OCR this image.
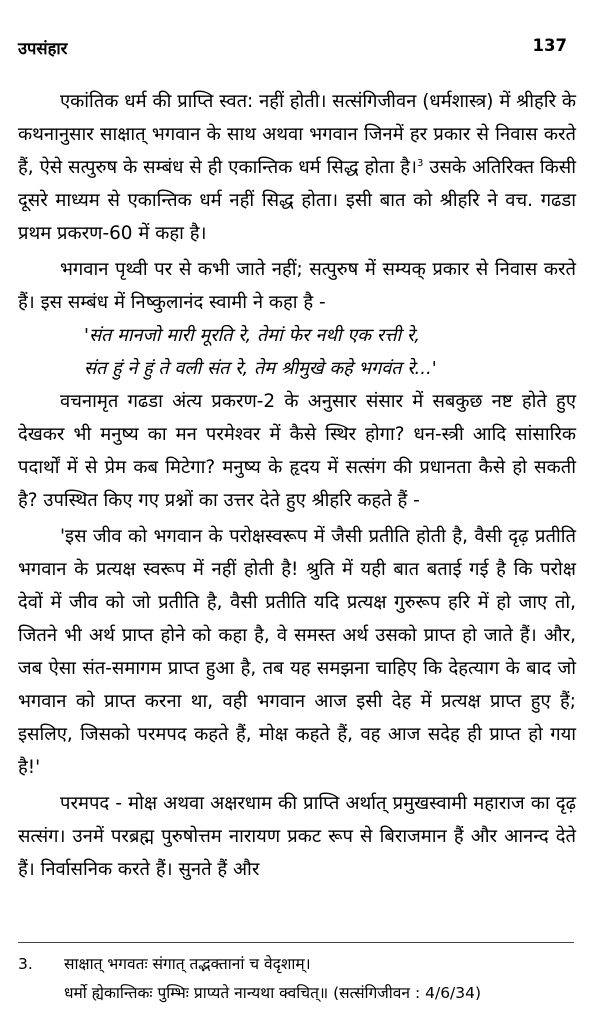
उपसंहार	137

एकांतिक धर्म की प्राप्ति स्वत: नहीं होती। सत्संगिजीवन (धर्मशास्त्र) में श्रीहरि के कथनानुसार साक्षात् भगवान के साथ अथवा भगवान जिनमें हर प्रकार से निवास करते हैं, ऐसे सत्पुरुष के सम्बंध से ही एकान्तिक धर्म सिद्ध होता है।$^3$ उसके अतिरिक्त किसी दूसरे माध्यम से एकान्तिक धर्म नहीं सिद्ध होता। इसी बात को श्रीहरि ने वच. गढडा प्रथम प्रकरण-60 में कहा है।

भगवान पृथ्वी पर से कभी जाते नहीं; सत्पुरुष में सम्यक् प्रकार से निवास करते हैं। इस सम्बंध में निष्कुलानंद स्वामी ने कहा है -

'संत मानजो मारी मूरति रे, तेमां फेर नथी एक रत्ती रे,

संत हुं ने हुं ते वली संत रे, तेम श्रीमुखे कहे भगवंत रे...'

वचनामृत गढडा अंत्य प्रकरण-2 के अनुसार संसार में सबकुछ नष्ट होते हुए देखकर भी मनुष्य का मन परमेश्वर में कैसे स्थिर होगा? धन-स्त्री आदि सांसारिक पदार्थों में से प्रेम कब मिटेगा? मनुष्य के हृदय में सत्संग की प्रधानता कैसे हो सकती है? उपस्थित किए गए प्रश्नों का उत्तर देते हुए श्रीहरि कहते हैं -

'इस जीव को भगवान के परोक्षस्वरूप में जैसी प्रतीति होती है, वैसी दृढ़ प्रतीति भगवान के प्रत्यक्ष स्वरूप में नहीं होती है! श्रुति में यही बात बताई गई है कि परोक्ष देवों में जीव को जो प्रतीति है, वैसी प्रतीति यदि प्रत्यक्ष गुरुरूप हरि में हो जाए तो, जितने भी अर्थ प्राप्त होने को कहा है, वे समस्त अर्थ उसको प्राप्त हो जाते हैं। और, जब ऐसा संत-समागम प्राप्त हुआ है, तब यह समझना चाहिए कि देहत्याग के बाद जो भगवान को प्राप्त करना था, वही भगवान आज इसी देह में प्रत्यक्ष प्राप्त हुए हैं; इसलिए, जिसको परमपद कहते हैं, मोक्ष कहते हैं, वह आज सदेह ही प्राप्त हो गया है!'

परमपद - मोक्ष अथवा अक्षरधाम की प्राप्ति अर्थात् प्रमुखस्वामी महाराज का दृढ़ सत्संग। उनमें परब्रह्म पुरुषोत्तम नारायण प्रकट रूप से बिराजमान हैं और आनन्द देते हैं। निर्वासनिक करते हैं। सुनते हैं और

3. साक्षात् भगवतः संगात् तद्भक्तानां च वेदृशाम्।
धर्मो ह्येकान्तिकः पुम्भिः प्राप्यते नान्यथा क्वचित्॥ (सत्संगिजीवन : 4/6/34)
